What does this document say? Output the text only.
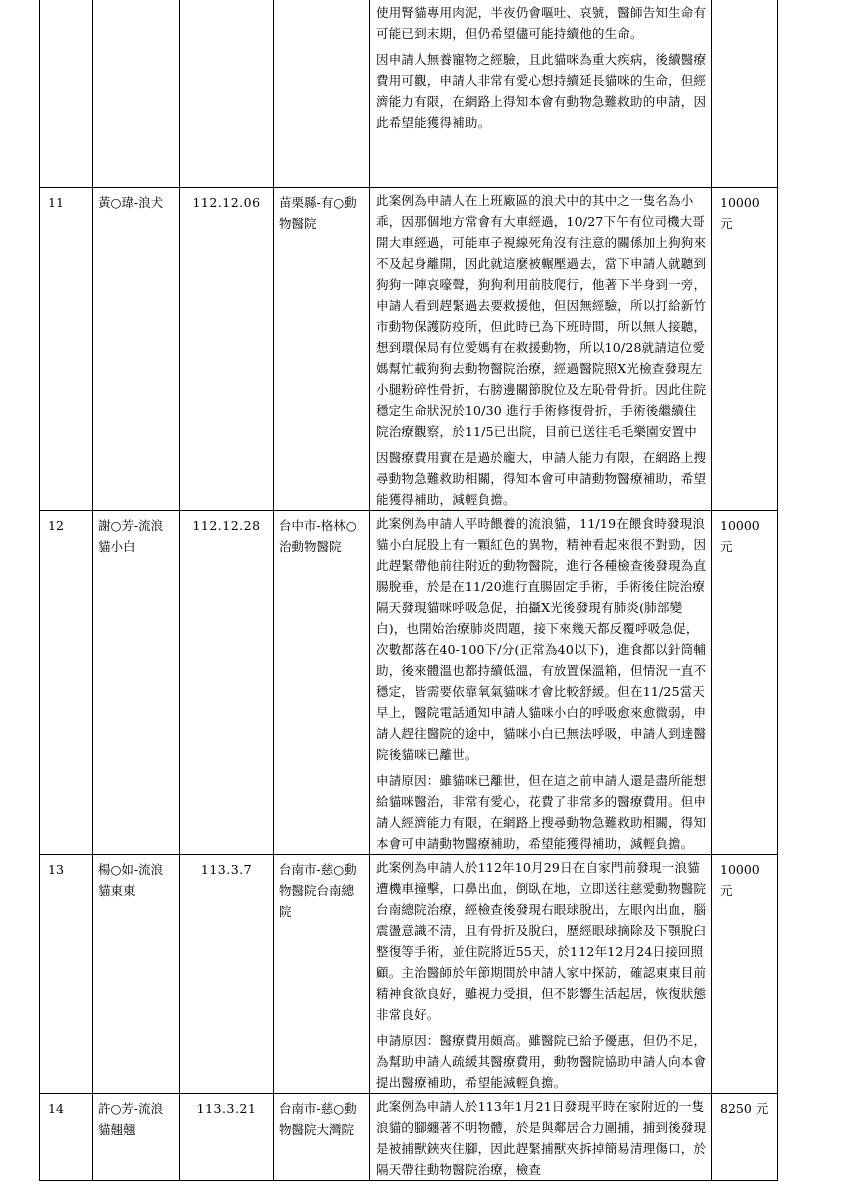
				使用腎貓專用肉泥，半夜仍會嘔吐、哀號，醫師告知生命有可能已到末期，但仍希望儘可能持續他的生命。
因申請人無養寵物之經驗，且此貓咪為重大疾病，後續醫療費用可觀，申請人非常有愛心想持續延長貓咪的生命，但經濟能力有限，在網路上得知本會有動物急難救助的申請，因此希望能獲得補助。	

11	黃○瑋-浪犬	112.12.06	苗栗縣-有○動物醫院	此案例為申請人在上班廠區的浪犬中的其中之一隻名為小乖，因那個地方常會有大車經過，10/27下午有位司機大哥開大車經過，可能車子視線死角沒有注意的關係加上狗狗來不及起身離開，因此就這麼被輾壓過去，當下申請人就聽到狗狗一陣哀嚎聲，狗狗利用前肢爬行，他著下半身到一旁，申請人看到趕緊過去要救援他，但因無經驗，所以打給新竹市動物保護防疫所，但此時已為下班時間，所以無人接聽，想到環保局有位愛媽有在救援動物，所以10/28就請這位愛媽幫忙載狗狗去動物醫院治療，經過醫院照X光檢查發現左小腿粉碎性骨折，右膀邊關節脫位及左恥骨骨折。因此住院穩定生命狀況於10/30 進行手術修復骨折，手術後繼續住院治療觀察，於11/5已出院，目前已送往毛毛樂園安置中
因醫療費用實在是過於龐大，申請人能力有限，在網路上搜尋動物急難救助相關，得知本會可申請動物醫療補助，希望能獲得補助，減輕負擔。	10000 元
12	謝○芳-流浪貓小白	112.12.28	台中市-格林○治動物醫院	此案例為申請人平時餵養的流浪貓，11/19在餵食時發現浪貓小白屁股上有一顆紅色的異物，精神看起來很不對勁，因此趕緊帶他前往附近的動物醫院，進行各種檢查後發現為直腸脫垂，於是在11/20進行直腸固定手術，手術後住院治療隔天發現貓咪呼吸急促，拍攝X光後發現有肺炎(肺部變白)，也開始治療肺炎問題，接下來幾天都反覆呼吸急促，次數都落在40-100下/分(正常為40以下)，進食都以針筒輔助，後來體溫也都持續低溫，有放置保溫箱，但情況一直不穩定，皆需要依靠氧氣貓咪才會比較舒緩。但在11/25當天早上，醫院電話通知申請人貓咪小白的呼吸愈來愈微弱，申請人趕往醫院的途中，貓咪小白已無法呼吸，申請人到達醫院後貓咪已離世。
申請原因：雖貓咪已離世，但在這之前申請人還是盡所能想給貓咪醫治，非常有愛心，花費了非常多的醫療費用。但申請人經濟能力有限，在網路上搜尋動物急難救助相關，得知本會可申請動物醫療補助，希望能獲得補助，減輕負擔。	10000 元
13	楊○如-流浪貓東東	113.3.7	台南市-慈○動物醫院台南總院	此案例為申請人於112年10月29日在自家門前發現一浪貓遭機車撞擊，口鼻出血，倒臥在地，立即送往慈愛動物醫院台南總院治療，經檢查後發現右眼球脫出，左眼內出血，腦震盪意識不清，且有骨折及脫臼，歷經眼球摘除及下顎脫臼整復等手術，並住院將近55天，於112年12月24日接回照顧。主治醫師於年節期間於申請人家中探訪，確認東東目前精神食欲良好，雖視力受損，但不影響生活起居，恢復狀態非常良好。
申請原因：醫療費用頗高。雖醫院已給予優惠，但仍不足，為幫助申請人疏緩其醫療費用，動物醫院協助申請人向本會提出醫療補助，希望能減輕負擔。	10000 元
14	許○芳-流浪貓翹翹	113.3.21	台南市-慈○動物醫院大灣院	此案例為申請人於113年1月21日發現平時在家附近的一隻浪貓的腳纏著不明物體，於是與鄰居合力圍捕，捕到後發現是被捕獸鋏夾住腳，因此趕緊捕獸夾拆掉簡易清理傷口，於隔天帶往動物醫院治療，檢查	8250 元
